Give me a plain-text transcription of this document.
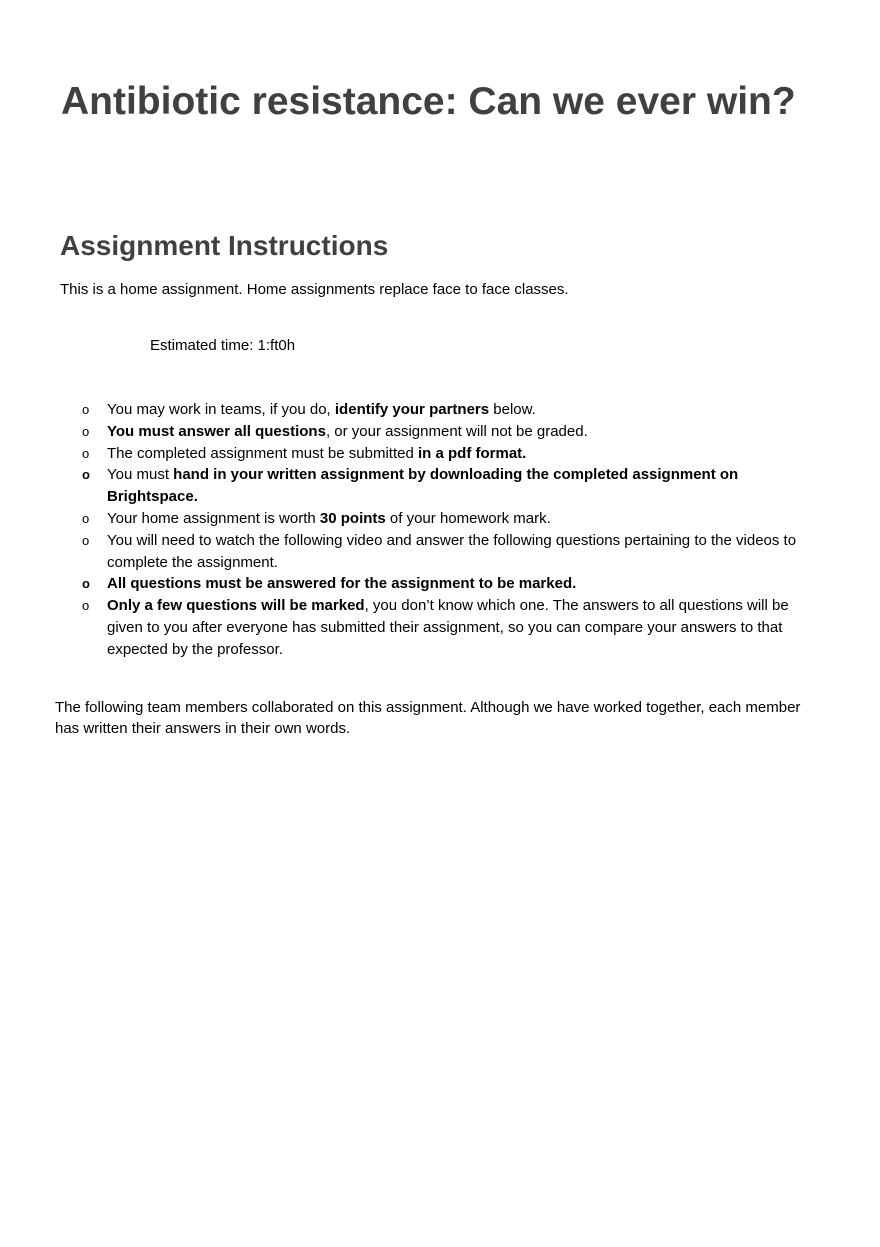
Antibiotic resistance: Can we ever win?
Assignment Instructions

This is a home assignment. Home assignments replace face to face classes.

Estimated time: 1:ft0h

o You may work in teams, if you do, identify your partners below.
o You must answer all questions, or your assignment will not be graded.
o The completed assignment must be submitted in a pdf format.
o You must hand in your written assignment by downloading the completed assignment on Brightspace.
o Your home assignment is worth 30 points of your homework mark.
o You will need to watch the following video and answer the following questions pertaining to the videos to complete the assignment.
o All questions must be answered for the assignment to be marked.
o Only a few questions will be marked, you don’t know which one. The answers to all questions will be given to you after everyone has submitted their assignment, so you can compare your answers to that expected by the professor.

The following team members collaborated on this assignment. Although we have worked together, each member has written their answers in their own words.
